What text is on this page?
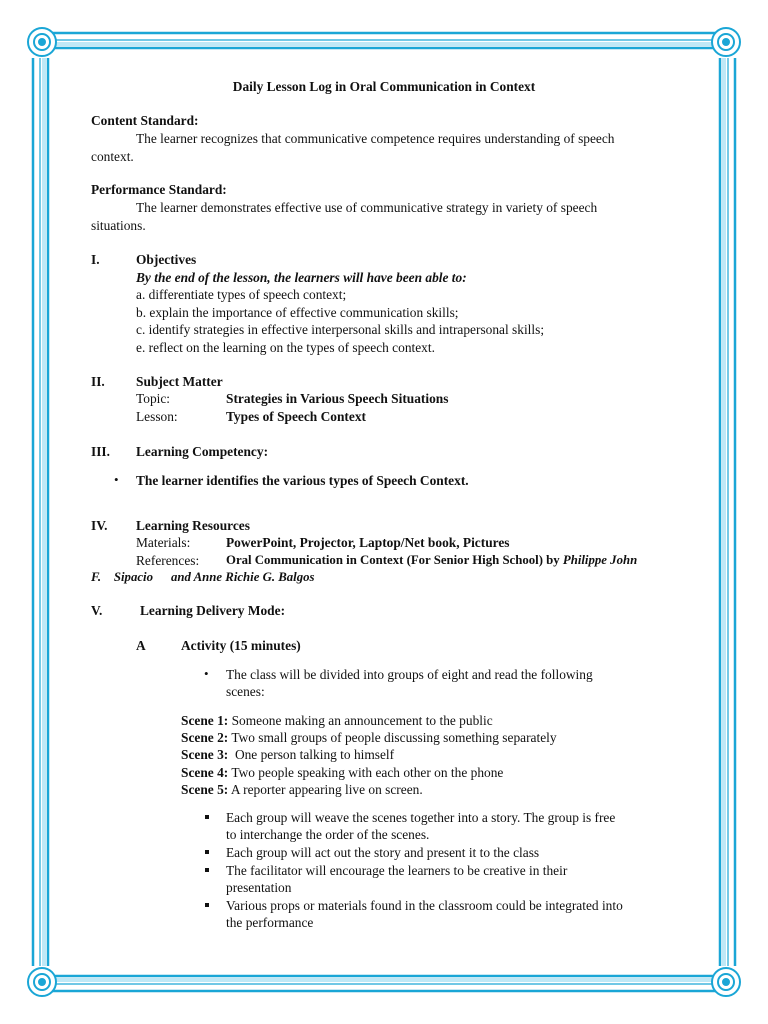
Daily Lesson Log in Oral Communication in Context
Content Standard:
The learner recognizes that communicative competence requires understanding of speech
context.
Performance Standard:
The learner demonstrates effective use of communicative strategy in variety of speech
situations.
I.	Objectives
By the end of the lesson, the learners will have been able to:
a. differentiate types of speech context;
b. explain the importance of effective communication skills;
c. identify strategies in effective interpersonal skills and intrapersonal skills;
e. reflect on the learning on the types of speech context.
II. Subject Matter
Topic:	Strategies in Various Speech Situations
Lesson:	Types of Speech Context
III. Learning Competency:
• The learner identifies the various types of Speech Context.
IV. Learning Resources
Materials:	PowerPoint, Projector, Laptop/Net book, Pictures
References: Oral Communication in Context (For Senior High School) by Philippe John
F.    Sipacio and Anne Richie G. Balgos
V.	Learning Delivery Mode:
A	Activity (15 minutes)
• The class will be divided into groups of eight and read the following
scenes:
Scene 1: Someone making an announcement to the public
Scene 2: Two small groups of people discussing something separately
Scene 3:  One person talking to himself
Scene 4: Two people speaking with each other on the phone
Scene 5: A reporter appearing live on screen.
Each group will weave the scenes together into a story. The group is free
to interchange the order of the scenes.
Each group will act out the story and present it to the class
The facilitator will encourage the learners to be creative in their
presentation
Various props or materials found in the classroom could be integrated into
the performance
